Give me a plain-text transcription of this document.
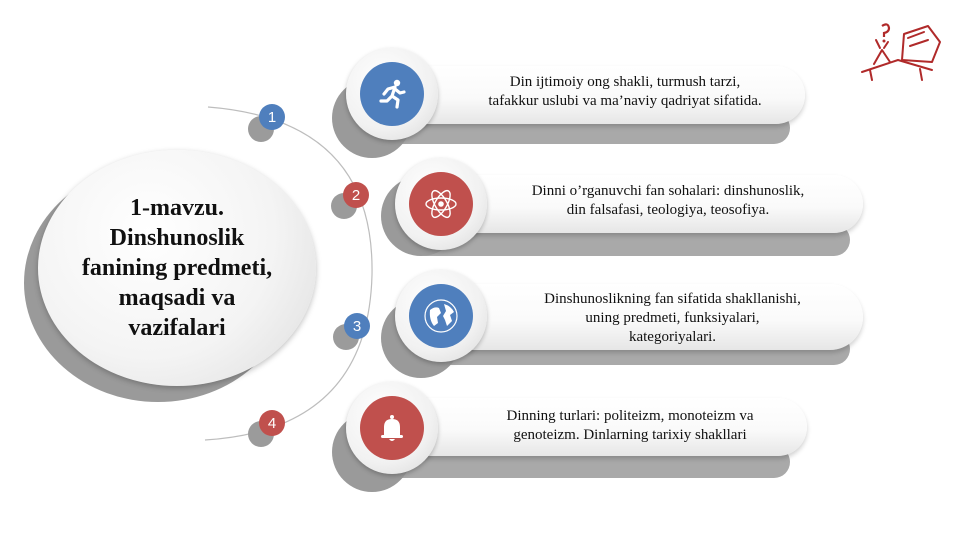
1-mavzu. Dinshunoslik fanining predmeti, maqsadi va vazifalari
1
2
3
4
Din ijtimoiy ong shakli, turmush tarzi,
tafakkur uslubi va ma’naviy qadriyat sifatida.
Dinni o’rganuvchi fan sohalari: dinshunoslik,
din falsafasi, teologiya, teosofiya.
Dinshunoslikning fan sifatida shakllanishi,
uning predmeti, funksiyalari,
kategoriyalari.
Dinning turlari: politeizm, monoteizm va
genoteizm. Dinlarning tarixiy shakllari
